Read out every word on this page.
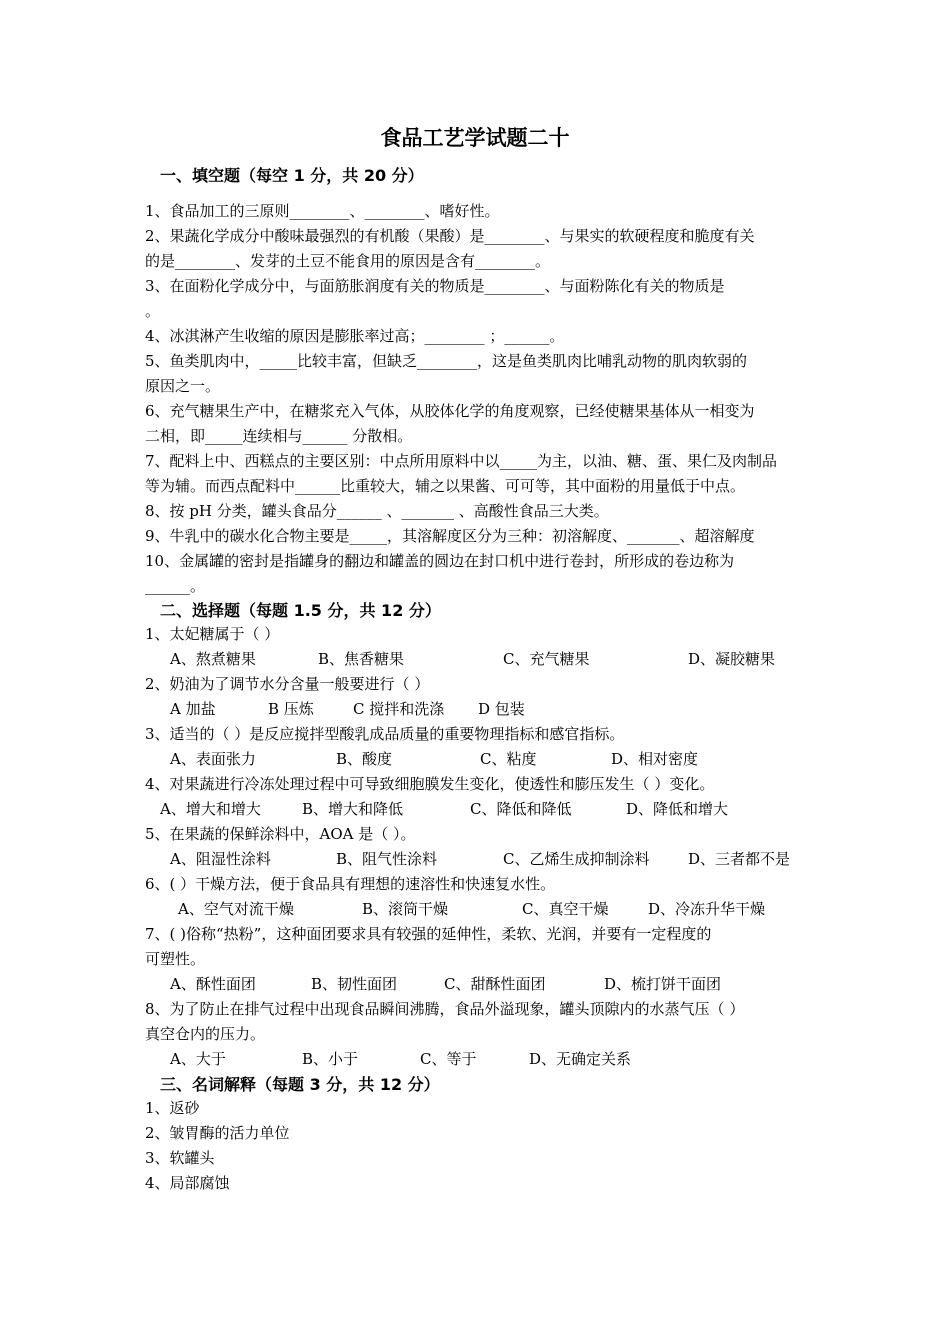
食品工艺学试题二十
一、填空题（每空 1 分，共 20 分）
1、食品加工的三原则________、________、嗜好性。
2、果蔬化学成分中酸味最强烈的有机酸（果酸）是________、与果实的软硬程度和脆度有关
的是________、发芽的土豆不能食用的原因是含有________。
3、在面粉化学成分中，与面筋胀润度有关的物质是________、与面粉陈化有关的物质是
。
4、冰淇淋产生收缩的原因是膨胀率过高；________ ；______。
5、鱼类肌肉中，_____比较丰富，但缺乏________，这是鱼类肌肉比哺乳动物的肌肉软弱的
原因之一。
6、充气糖果生产中，在糖浆充入气体，从胶体化学的角度观察，已经使糖果基体从一相变为
二相，即_____连续相与______ 分散相。
7、配料上中、西糕点的主要区别：中点所用原料中以_____为主，以油、糖、蛋、果仁及肉制品
等为辅。而西点配料中______比重较大，辅之以果酱、可可等，其中面粉的用量低于中点。
8、按 pH 分类，罐头食品分______ 、_______ 、高酸性食品三大类。
9、牛乳中的碳水化合物主要是_____，其溶解度区分为三种：初溶解度、_______、超溶解度
10、金属罐的密封是指罐身的翻边和罐盖的圆边在封口机中进行卷封，所形成的卷边称为
______。
二、选择题（每题 1.5 分，共 12 分）
1、太妃糖属于（ ）
A、熬煮糖果	B、焦香糖果	C、充气糖果	D、凝胶糖果
2、奶油为了调节水分含量一般要进行（ ）
A 加盐	B 压炼	C 搅拌和洗涤 D 包装
3、适当的（ ）是反应搅拌型酸乳成品质量的重要物理指标和感官指标。
A、表面张力	B、酸度	C、粘度	D、相对密度
4、对果蔬进行冷冻处理过程中可导致细胞膜发生变化，使透性和膨压发生（ ）变化。
A、增大和增大	B、增大和降低	C、降低和降低	D、降低和增大
5、在果蔬的保鲜涂料中，AOA 是（ ）。
A、阻湿性涂料	B、阻气性涂料	C、乙烯生成抑制涂料	D、三者都不是
6、( ）干燥方法，便于食品具有理想的速溶性和快速复水性。
A、空气对流干燥	B、滚筒干燥	C、真空干燥	D、冷冻升华干燥
7、( )俗称“热粉”，这种面团要求具有较强的延伸性，柔软、光润，并要有一定程度的
可塑性。
A、酥性面团	B、韧性面团	C、甜酥性面团	D、梳打饼干面团
8、为了防止在排气过程中出现食品瞬间沸腾，食品外溢现象，罐头顶隙内的水蒸气压（ ）
真空仓内的压力。
A、大于	B、小于	C、等于	D、无确定关系
三、名词解释（每题 3 分，共 12 分）
1、返砂
2、皱胃酶的活力单位
3、软罐头
4、局部腐蚀
